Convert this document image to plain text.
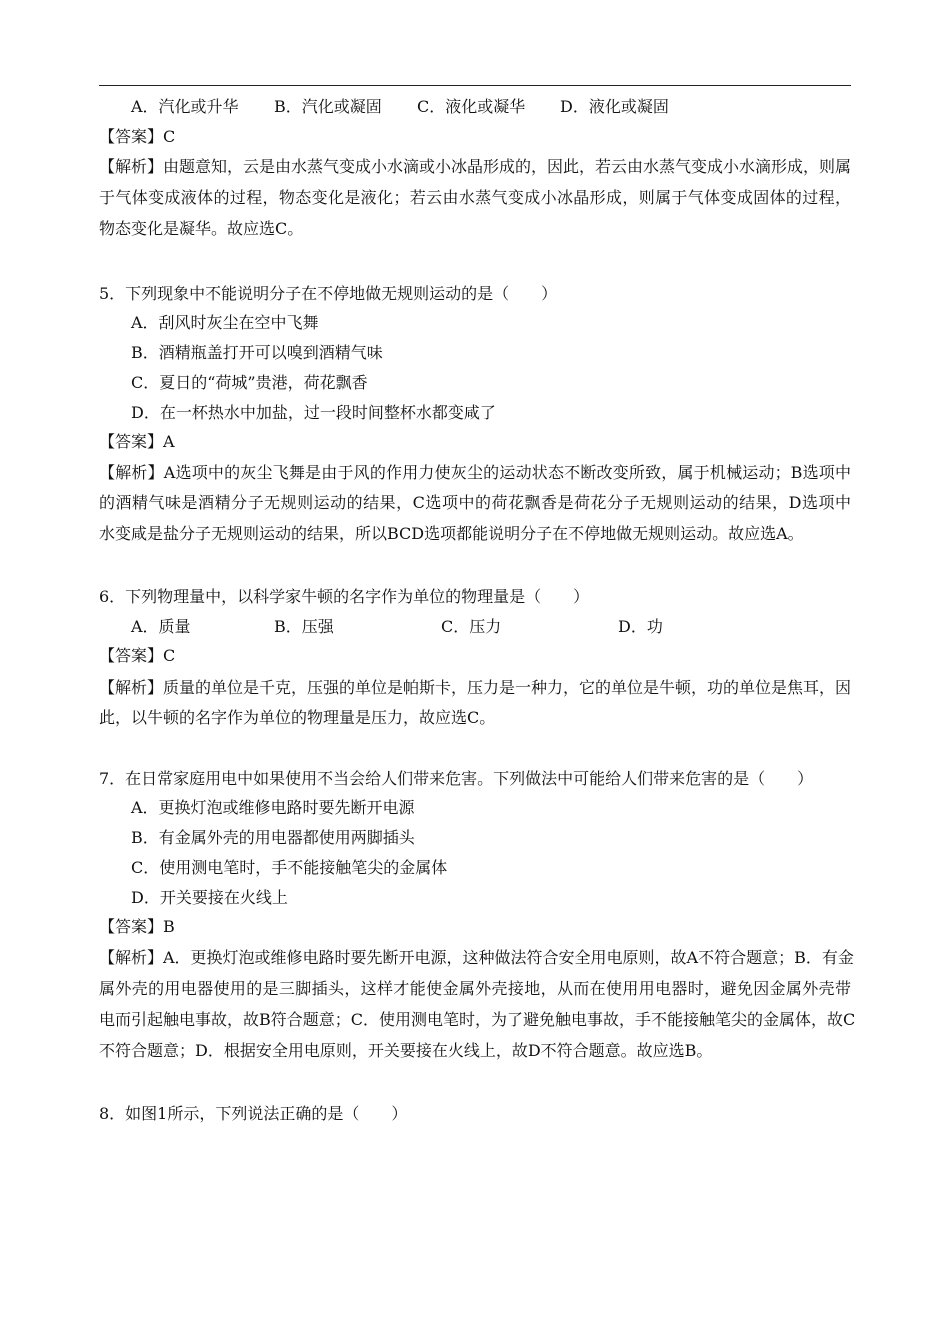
A．汽化或升华 B．汽化或凝固 C．液化或凝华 D．液化或凝固
【答案】C
【解析】由题意知，云是由水蒸气变成小水滴或小冰晶形成的，因此，若云由水蒸气变成小水滴形成，则属
于气体变成液体的过程，物态变化是液化；若云由水蒸气变成小冰晶形成，则属于气体变成固体的过程，
物态变化是凝华。故应选C。
5．下列现象中不能说明分子在不停地做无规则运动的是（　　）
A．刮风时灰尘在空中飞舞
B．酒精瓶盖打开可以嗅到酒精气味
C．夏日的“荷城”贵港，荷花飘香
D．在一杯热水中加盐，过一段时间整杯水都变咸了
【答案】A
【解析】A选项中的灰尘飞舞是由于风的作用力使灰尘的运动状态不断改变所致，属于机械运动；B选项中
的酒精气味是酒精分子无规则运动的结果，C选项中的荷花飘香是荷花分子无规则运动的结果，D选项中
水变咸是盐分子无规则运动的结果，所以BCD选项都能说明分子在不停地做无规则运动。故应选A。
6．下列物理量中，以科学家牛顿的名字作为单位的物理量是（　　）
A．质量	B．压强	C．压力	D．功
【答案】C
【解析】质量的单位是千克，压强的单位是帕斯卡，压力是一种力，它的单位是牛顿，功的单位是焦耳，因
此，以牛顿的名字作为单位的物理量是压力，故应选C。
7．在日常家庭用电中如果使用不当会给人们带来危害。下列做法中可能给人们带来危害的是（　　）
A．更换灯泡或维修电路时要先断开电源
B．有金属外壳的用电器都使用两脚插头
C．使用测电笔时，手不能接触笔尖的金属体
D．开关要接在火线上
【答案】B
【解析】A．更换灯泡或维修电路时要先断开电源，这种做法符合安全用电原则，故A不符合题意；B．有金
属外壳的用电器使用的是三脚插头，这样才能使金属外壳接地，从而在使用用电器时，避免因金属外壳带
电而引起触电事故，故B符合题意；C．使用测电笔时，为了避免触电事故，手不能接触笔尖的金属体，故C
不符合题意；D．根据安全用电原则，开关要接在火线上，故D不符合题意。故应选B。
8．如图1所示，下列说法正确的是（　　）
